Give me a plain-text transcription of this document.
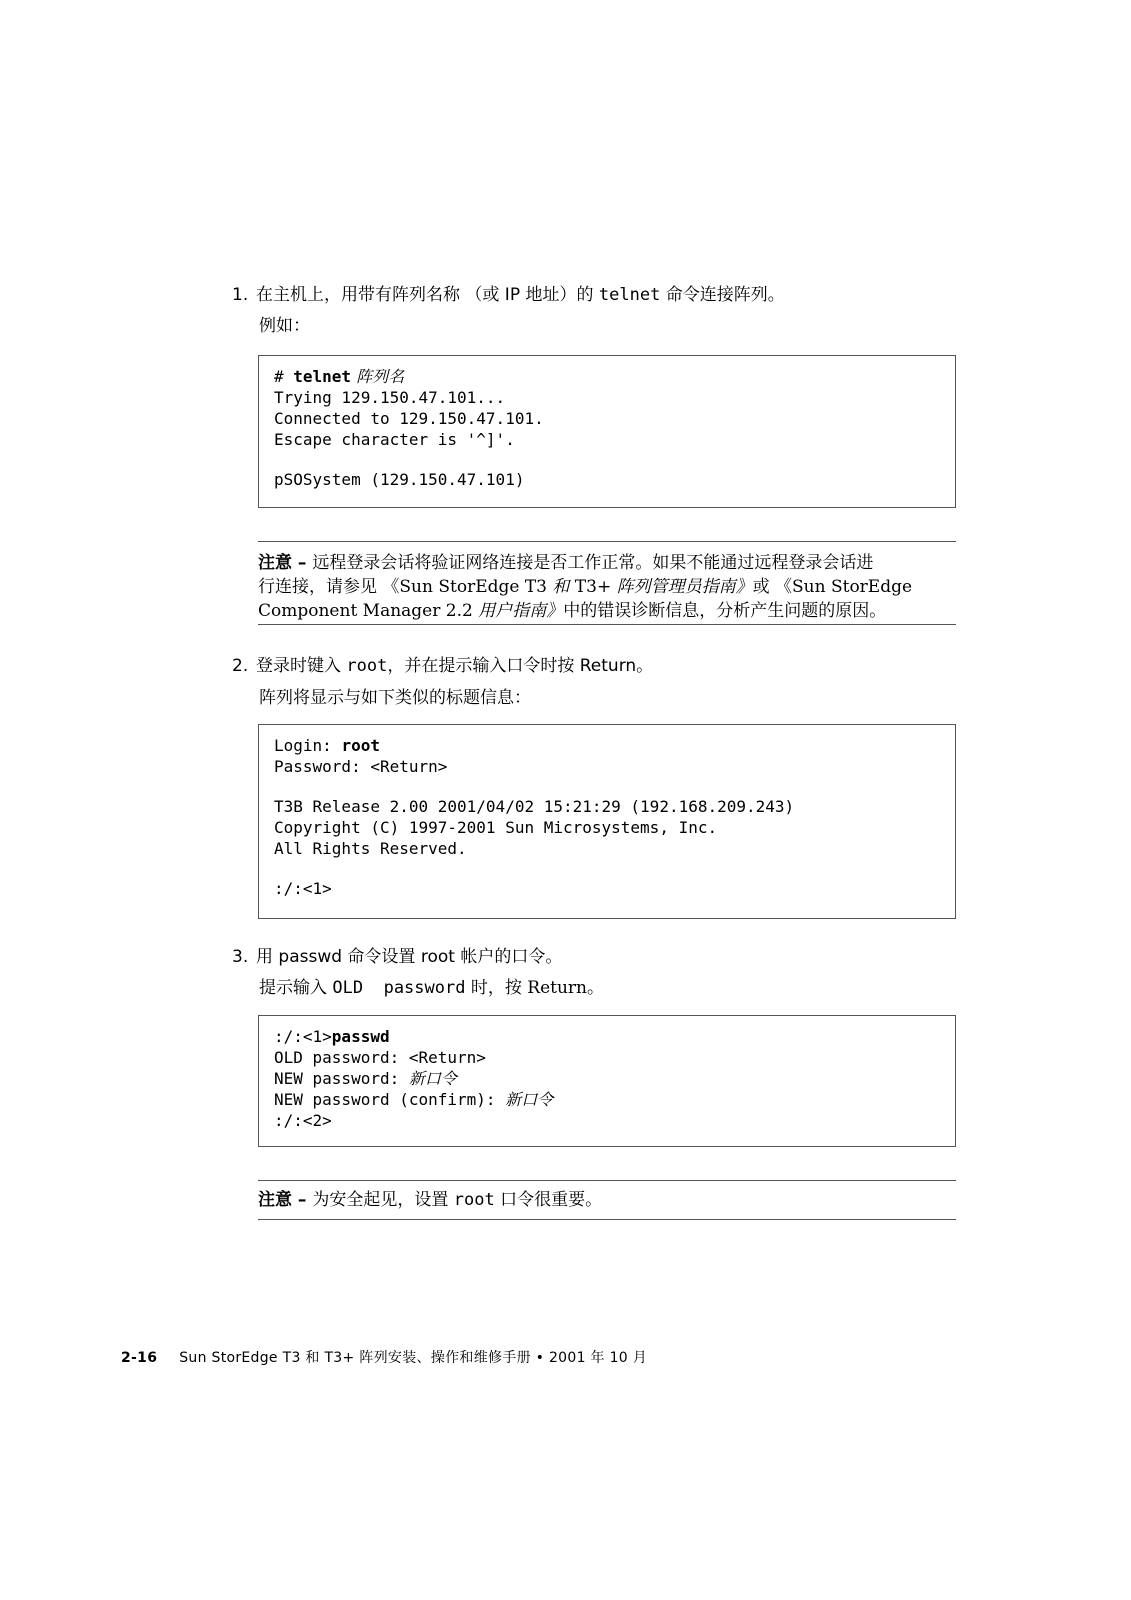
1. 在主机上，用带有阵列名称 （或 IP 地址）的 telnet 命令连接阵列。
例如：
# telnet 阵列名
Trying 129.150.47.101...
Connected to 129.150.47.101.
Escape character is '^]'.
pSOSystem (129.150.47.101)
注意 – 远程登录会话将验证网络连接是否工作正常。如果不能通过远程登录会话进
行连接，请参见 《Sun StorEdge T3 和 T3+ 阵列管理员指南》或 《Sun StorEdge
Component Manager 2.2 用户指南》中的错误诊断信息，分析产生问题的原因。
2. 登录时键入 root，并在提示输入口令时按 Return。
阵列将显示与如下类似的标题信息：
Login: root
Password: <Return>
T3B Release 2.00 2001/04/02 15:21:29 (192.168.209.243)
Copyright (C) 1997-2001 Sun Microsystems, Inc.
All Rights Reserved.
:/:<1>
3. 用 passwd 命令设置 root 帐户的口令。
提示输入 OLD  password 时，按 Return。
:/:<1>passwd
OLD password: <Return>
NEW password: 新口令
NEW password (confirm): 新口令
:/:<2>
注意 – 为安全起见，设置 root 口令很重要。
2-16 Sun StorEdge T3 和 T3+ 阵列安装、操作和维修手册 • 2001 年 10 月
